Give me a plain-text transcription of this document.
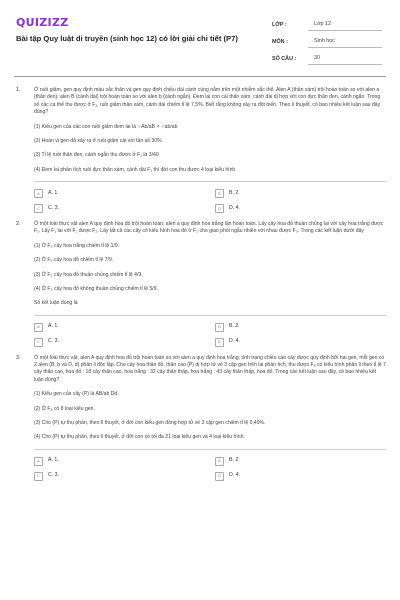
QUIZIZZ
Bài tập Quy luật di truyền (sinh học 12) có lời giải chi tiết (P7)
LỚP :	Lớp 12
MÔN :	Sinh học
SỐ CÂU :	30
1.	Ở ruồi giấm, gen quy định màu sắc thân và gen quy định chiều dài cánh cùng nằm trên một nhiễm sắc thể. Alen A (thân xám) trội hoàn toàn so với alen a (thân đen); alen B (cánh dài) trội hoàn toàn so với alen b (cánh ngắn). Đem lai con cái thân xám, cánh dài dị hợp với con đực thân đen, cánh ngắn. Trong số các cá thể thu được ở F₁, ruồi giấm thân xám, cánh dài chiếm tỉ lệ 7,5%. Biết rằng không xảy ra đột biến. Theo lí thuyết, có bao nhiêu kết luận sau đây đúng?
(1) Kiểu gen của các con ruồi giấm đem lai là ♀Ab/aB × ♂ab/ab
(2) Hoán vị gen đã xảy ra ở ruồi giấm cái với tần số 30%.
(3) Tỉ lệ ruồi thân đen, cánh ngắn thu được ở F₁ là 3/40
(4) Đem lai phân tích ruồi đực thân xám, cánh dài F₁ thì đời con thu được 4 loại kiểu hình.
A	A. 1.	B	B. 2.
C	C. 3.	D	D. 4.
2.	Ở một loài thực vật alen A quy định hoa đỏ trội hoàn toàn; alen a quy định hoa trắng lặn hoàn toàn. Lấy cây hoa đỏ thuần chủng lai với cây hoa trắng được F₁. Lấy F₁ lai với F₁ được F₂. Lấy tất cả các cây có kiểu hình hoa đỏ ở F₂ cho giao phối ngẫu nhiên với nhau được F₃. Trong các kết luận dưới đây
(1) Ở F₃ cây hoa trắng chiếm tỉ lệ 1/9.
(2) Ở F₃ cây hoa đỏ chiếm tỉ lệ 7/9.
(3) Ở F₃ cây hoa đỏ thuần chủng chiếm tỉ lệ 4/9.
(4) Ở F₃ cây hoa đỏ không thuần chủng chiếm tỉ lệ 5/9.
Số kết luận đúng là
A	A. 1.	B	B. 2.
C	C. 3.	D	D. 4.
3.	Ở một loài thực vật, alen A quy định hoa đỏ trội hoàn toàn so với alen a quy định hoa trắng; tính trạng chiều cao cây được quy định bởi hai gen, mỗi gen có 2 alen (B, b và D, d) phân li độc lập. Cho cây hoa thân đỏ, thân cao (P) dị hợp tử về 3 cặp gen trên lai phân tích, thu được Fₐ có kiểu hình phân li theo tỉ lệ 7 cây thân cao, hoa đỏ : 18 cây thân cao, hoa trắng : 32 cây thân thấp, hoa trắng : 43 cây thân thấp, hoa đỏ. Trong các kết luận sau đây, có bao nhiêu kết luận đúng?
(1) Kiểu gen của cây (P) là AB/ab Dd.
(2) Ở Fₐ có 8 loại kiểu gen.
(3) Cho (P) tự thụ phấn, theo lí thuyết, ở đời con kiểu gen đồng hợp tử về 3 cặp gen chiếm tỉ lệ 0,49%.
(4) Cho (P) tự thụ phấn, theo lí thuyết, ở đời con có tối đa 21 loại kiểu gen và 4 loại kiểu hình.
A	A. 1.	B	B. 2.
C	C. 3.	D	D. 4.
